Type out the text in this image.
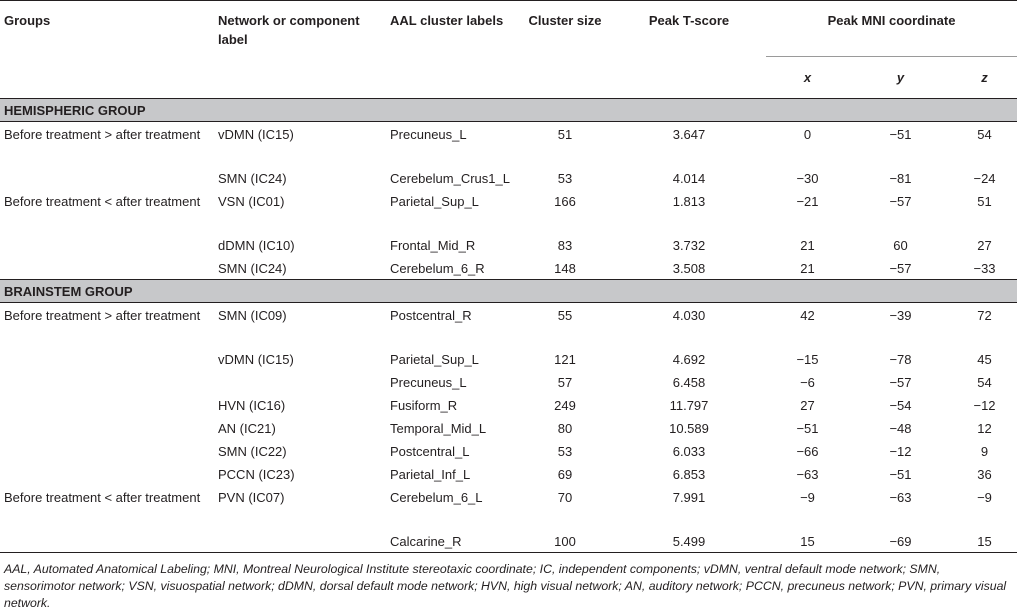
Groups	Network or component label	AAL cluster labels	Cluster size	Peak T-score	Peak MNI coordinate		
					x	y	z
HEMISPHERIC GROUP							
Before treatment > after treatment	vDMN (IC15)	Precuneus_L	51	3.647	0	−51	54
	SMN (IC24)	Cerebelum_Crus1_L	53	4.014	−30	−81	−24
Before treatment < after treatment	VSN (IC01)	Parietal_Sup_L	166	1.813	−21	−57	51
	dDMN (IC10)	Frontal_Mid_R	83	3.732	21	60	27
	SMN (IC24)	Cerebelum_6_R	148	3.508	21	−57	−33
BRAINSTEM GROUP							
Before treatment > after treatment	SMN (IC09)	Postcentral_R	55	4.030	42	−39	72
	vDMN (IC15)	Parietal_Sup_L	121	4.692	−15	−78	45
		Precuneus_L	57	6.458	−6	−57	54
	HVN (IC16)	Fusiform_R	249	11.797	27	−54	−12
	AN (IC21)	Temporal_Mid_L	80	10.589	−51	−48	12
	SMN (IC22)	Postcentral_L	53	6.033	−66	−12	9
	PCCN (IC23)	Parietal_Inf_L	69	6.853	−63	−51	36
Before treatment < after treatment	PVN (IC07)	Cerebelum_6_L	70	7.991	−9	−63	−9
		Calcarine_R	100	5.499	15	−69	15
AAL, Automated Anatomical Labeling; MNI, Montreal Neurological Institute stereotaxic coordinate; IC, independent components; vDMN, ventral default mode network; SMN, sensorimotor network; VSN, visuospatial network; dDMN, dorsal default mode network; HVN, high visual network; AN, auditory network; PCCN, precuneus network; PVN, primary visual network.
